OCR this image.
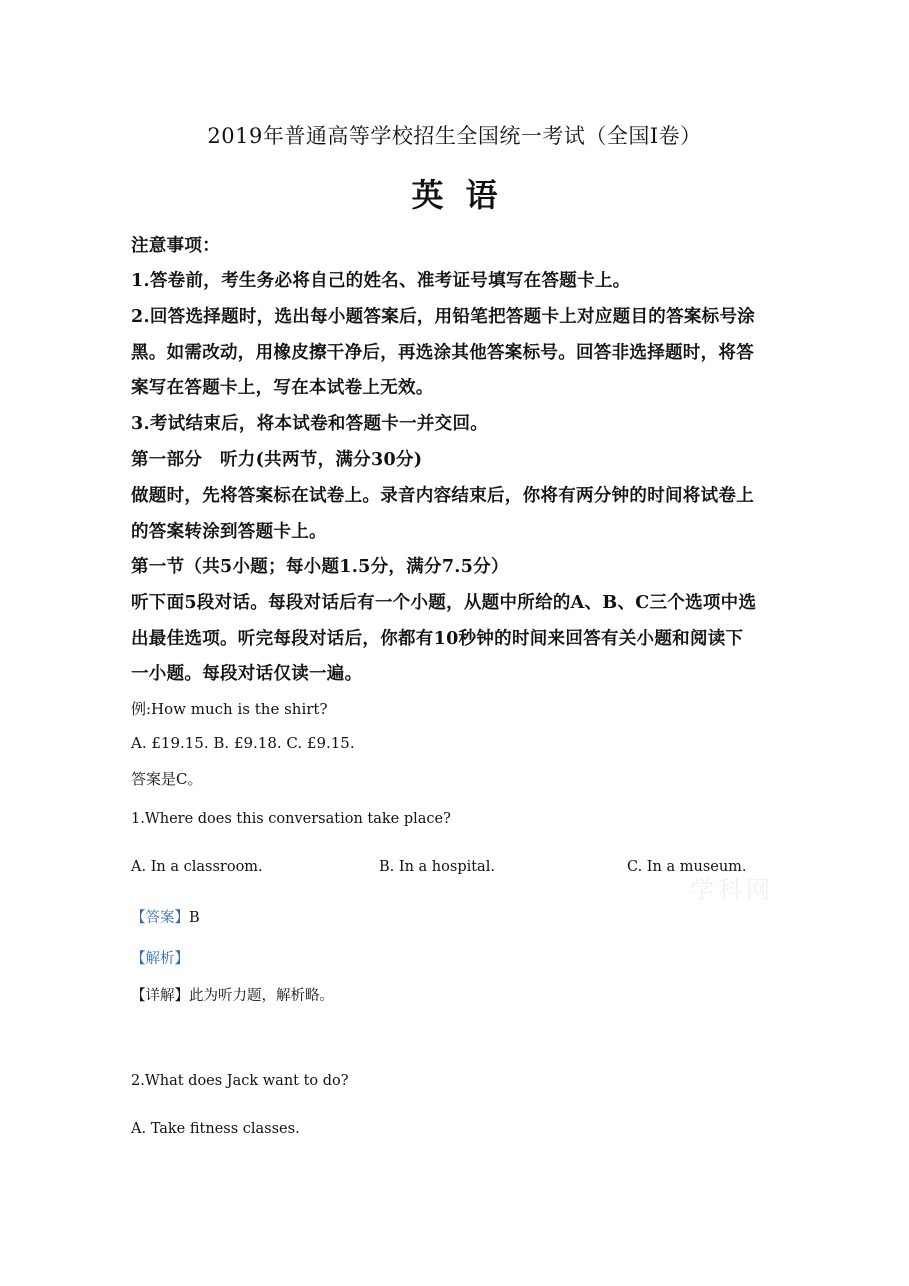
2019年普通高等学校招生全国统一考试（全国Ⅰ卷）
英语
注意事项：
1.答卷前，考生务必将自己的姓名、准考证号填写在答题卡上。
2.回答选择题时，选出每小题答案后，用铅笔把答题卡上对应题目的答案标号涂
黑。如需改动，用橡皮擦干净后，再选涂其他答案标号。回答非选择题时，将答
案写在答题卡上，写在本试卷上无效。
3.考试结束后，将本试卷和答题卡一并交回。
第一部分　听力(共两节，满分30分)
做题时，先将答案标在试卷上。录音内容结束后，你将有两分钟的时间将试卷上
的答案转涂到答题卡上。
第一节（共5小题；每小题1.5分，满分7.5分）
听下面5段对话。每段对话后有一个小题，从题中所给的A、B、C三个选项中选
出最佳选项。听完每段对话后，你都有10秒钟的时间来回答有关小题和阅读下
一小题。每段对话仅读一遍。
例:How much is the shirt?
A. £19.15. B. £9.18. C. £9.15.
答案是C。
1.Where does this conversation take place?
A. In a classroom.	B. In a hospital.	C. In a museum.
【答案】B
【解析】
【详解】此为听力题，解析略。
2.What does Jack want to do?
A. Take fitness classes.
学科网
